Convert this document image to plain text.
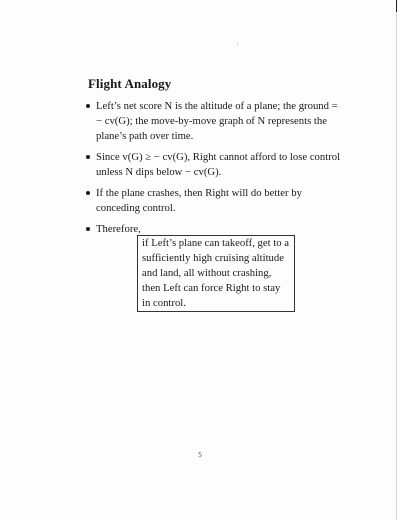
Flight Analogy
Left’s net score N is the altitude of a plane; the ground = − cv(G); the move-by-move graph of N represents the plane’s path over time.
Since v(G) ≥ − cv(G), Right cannot afford to lose control unless N dips below − cv(G).
If the plane crashes, then Right will do better by conceding control.
Therefore,
if Left’s plane can takeoff, get to a sufficiently high cruising altitude and land, all without crashing, then Left can force Right to stay in control.
5
